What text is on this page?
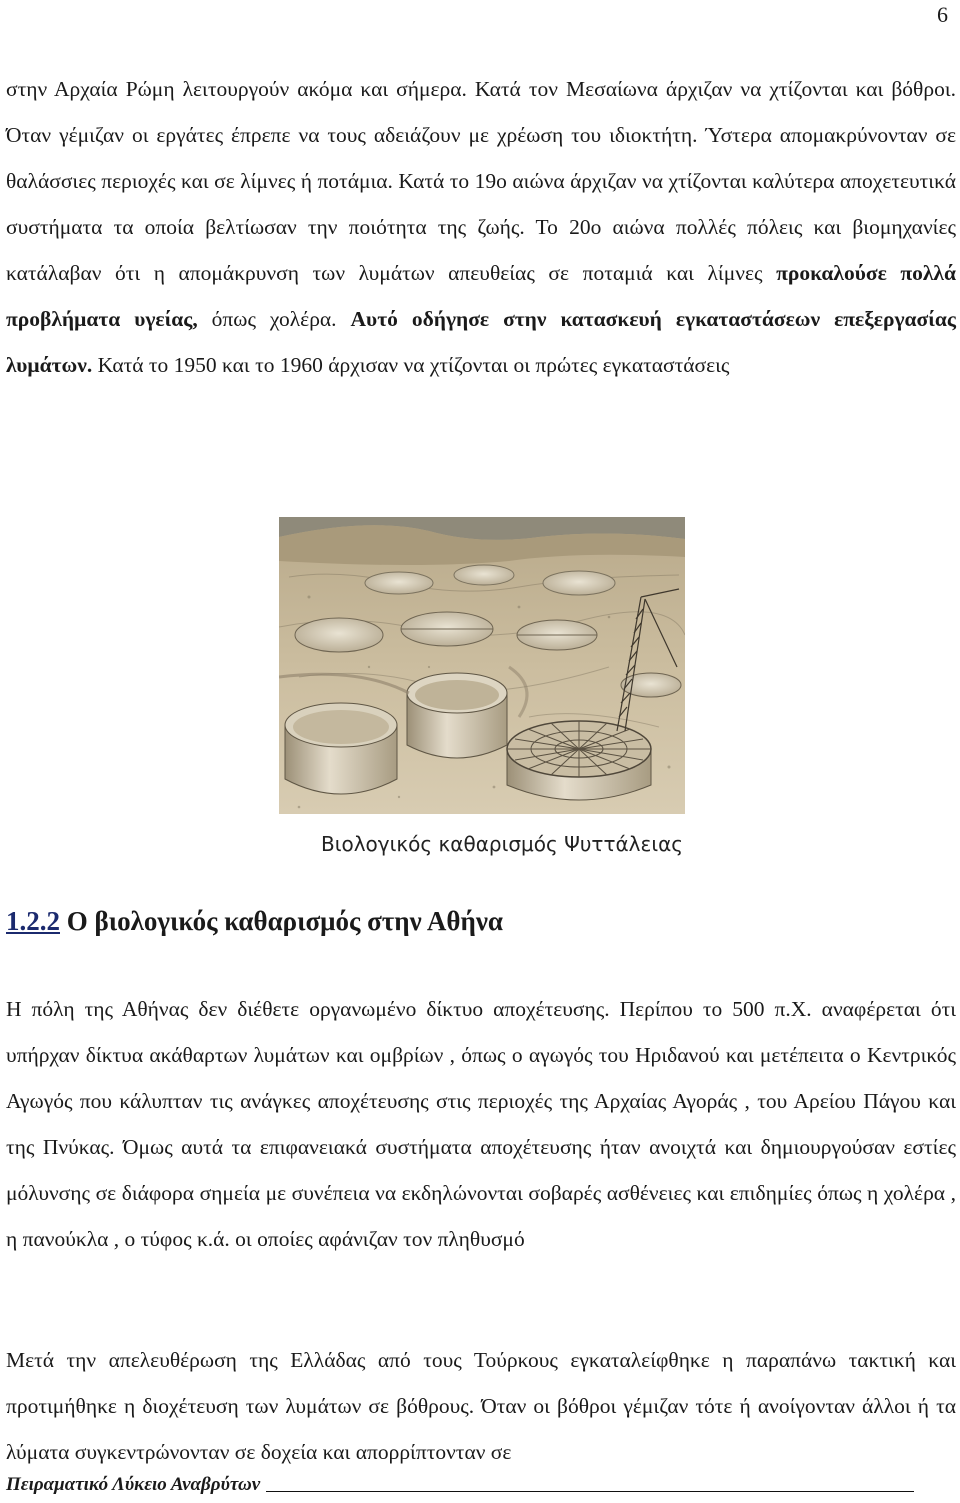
6

στην Αρχαία Ρώμη λειτουργούν ακόμα και σήμερα. Κατά τον Μεσαίωνα άρχιζαν να χτίζονται και βόθροι. Όταν γέμιζαν οι εργάτες έπρεπε να τους αδειάζουν με χρέωση του ιδιοκτήτη. Ύστερα απομακρύνονταν σε θαλάσσιες περιοχές και σε λίμνες ή ποτάμια. Κατά το 19ο αιώνα άρχιζαν να χτίζονται καλύτερα αποχετευτικά συστήματα τα οποία βελτίωσαν την ποιότητα της ζωής. Το 20ο αιώνα πολλές πόλεις και βιομηχανίες κατάλαβαν ότι η απομάκρυνση των λυμάτων απευθείας σε ποταμιά και λίμνες προκαλούσε πολλά προβλήματα υγείας, όπως χολέρα. Αυτό οδήγησε στην κατασκευή εγκαταστάσεων επεξεργασίας λυμάτων. Κατά το 1950 και το 1960 άρχισαν να χτίζονται οι πρώτες εγκαταστάσεις

Βιολογικός καθαρισμός Ψυττάλειας
1.2.2 Ο βιολογικός καθαρισμός στην Αθήνα

Η πόλη της Αθήνας δεν διέθετε οργανωμένο δίκτυο αποχέτευσης. Περίπου το 500 π.Χ. αναφέρεται ότι υπήρχαν δίκτυα ακάθαρτων λυμάτων και ομβρίων , όπως ο αγωγός του Ηριδανού και μετέπειτα ο Κεντρικός Αγωγός που κάλυπταν τις ανάγκες αποχέτευσης στις περιοχές της Αρχαίας Αγοράς , του Αρείου Πάγου και της Πνύκας. Όμως αυτά τα επιφανειακά συστήματα αποχέτευσης ήταν ανοιχτά και δημιουργούσαν εστίες μόλυνσης σε διάφορα σημεία με συνέπεια να εκδηλώνονται σοβαρές ασθένειες και επιδημίες όπως η χολέρα , η πανούκλα , ο τύφος κ.ά. οι οποίες αφάνιζαν τον πληθυσμό

Μετά την απελευθέρωση της Ελλάδας από τους Τούρκους εγκαταλείφθηκε η παραπάνω τακτική και προτιμήθηκε η διοχέτευση των λυμάτων σε βόθρους. Όταν οι βόθροι γέμιζαν τότε ή ανοίγονταν άλλοι ή τα λύματα συγκεντρώνονταν σε δοχεία και απορρίπτονταν σε

Πειραματικό Λύκειο Αναβρύτων
